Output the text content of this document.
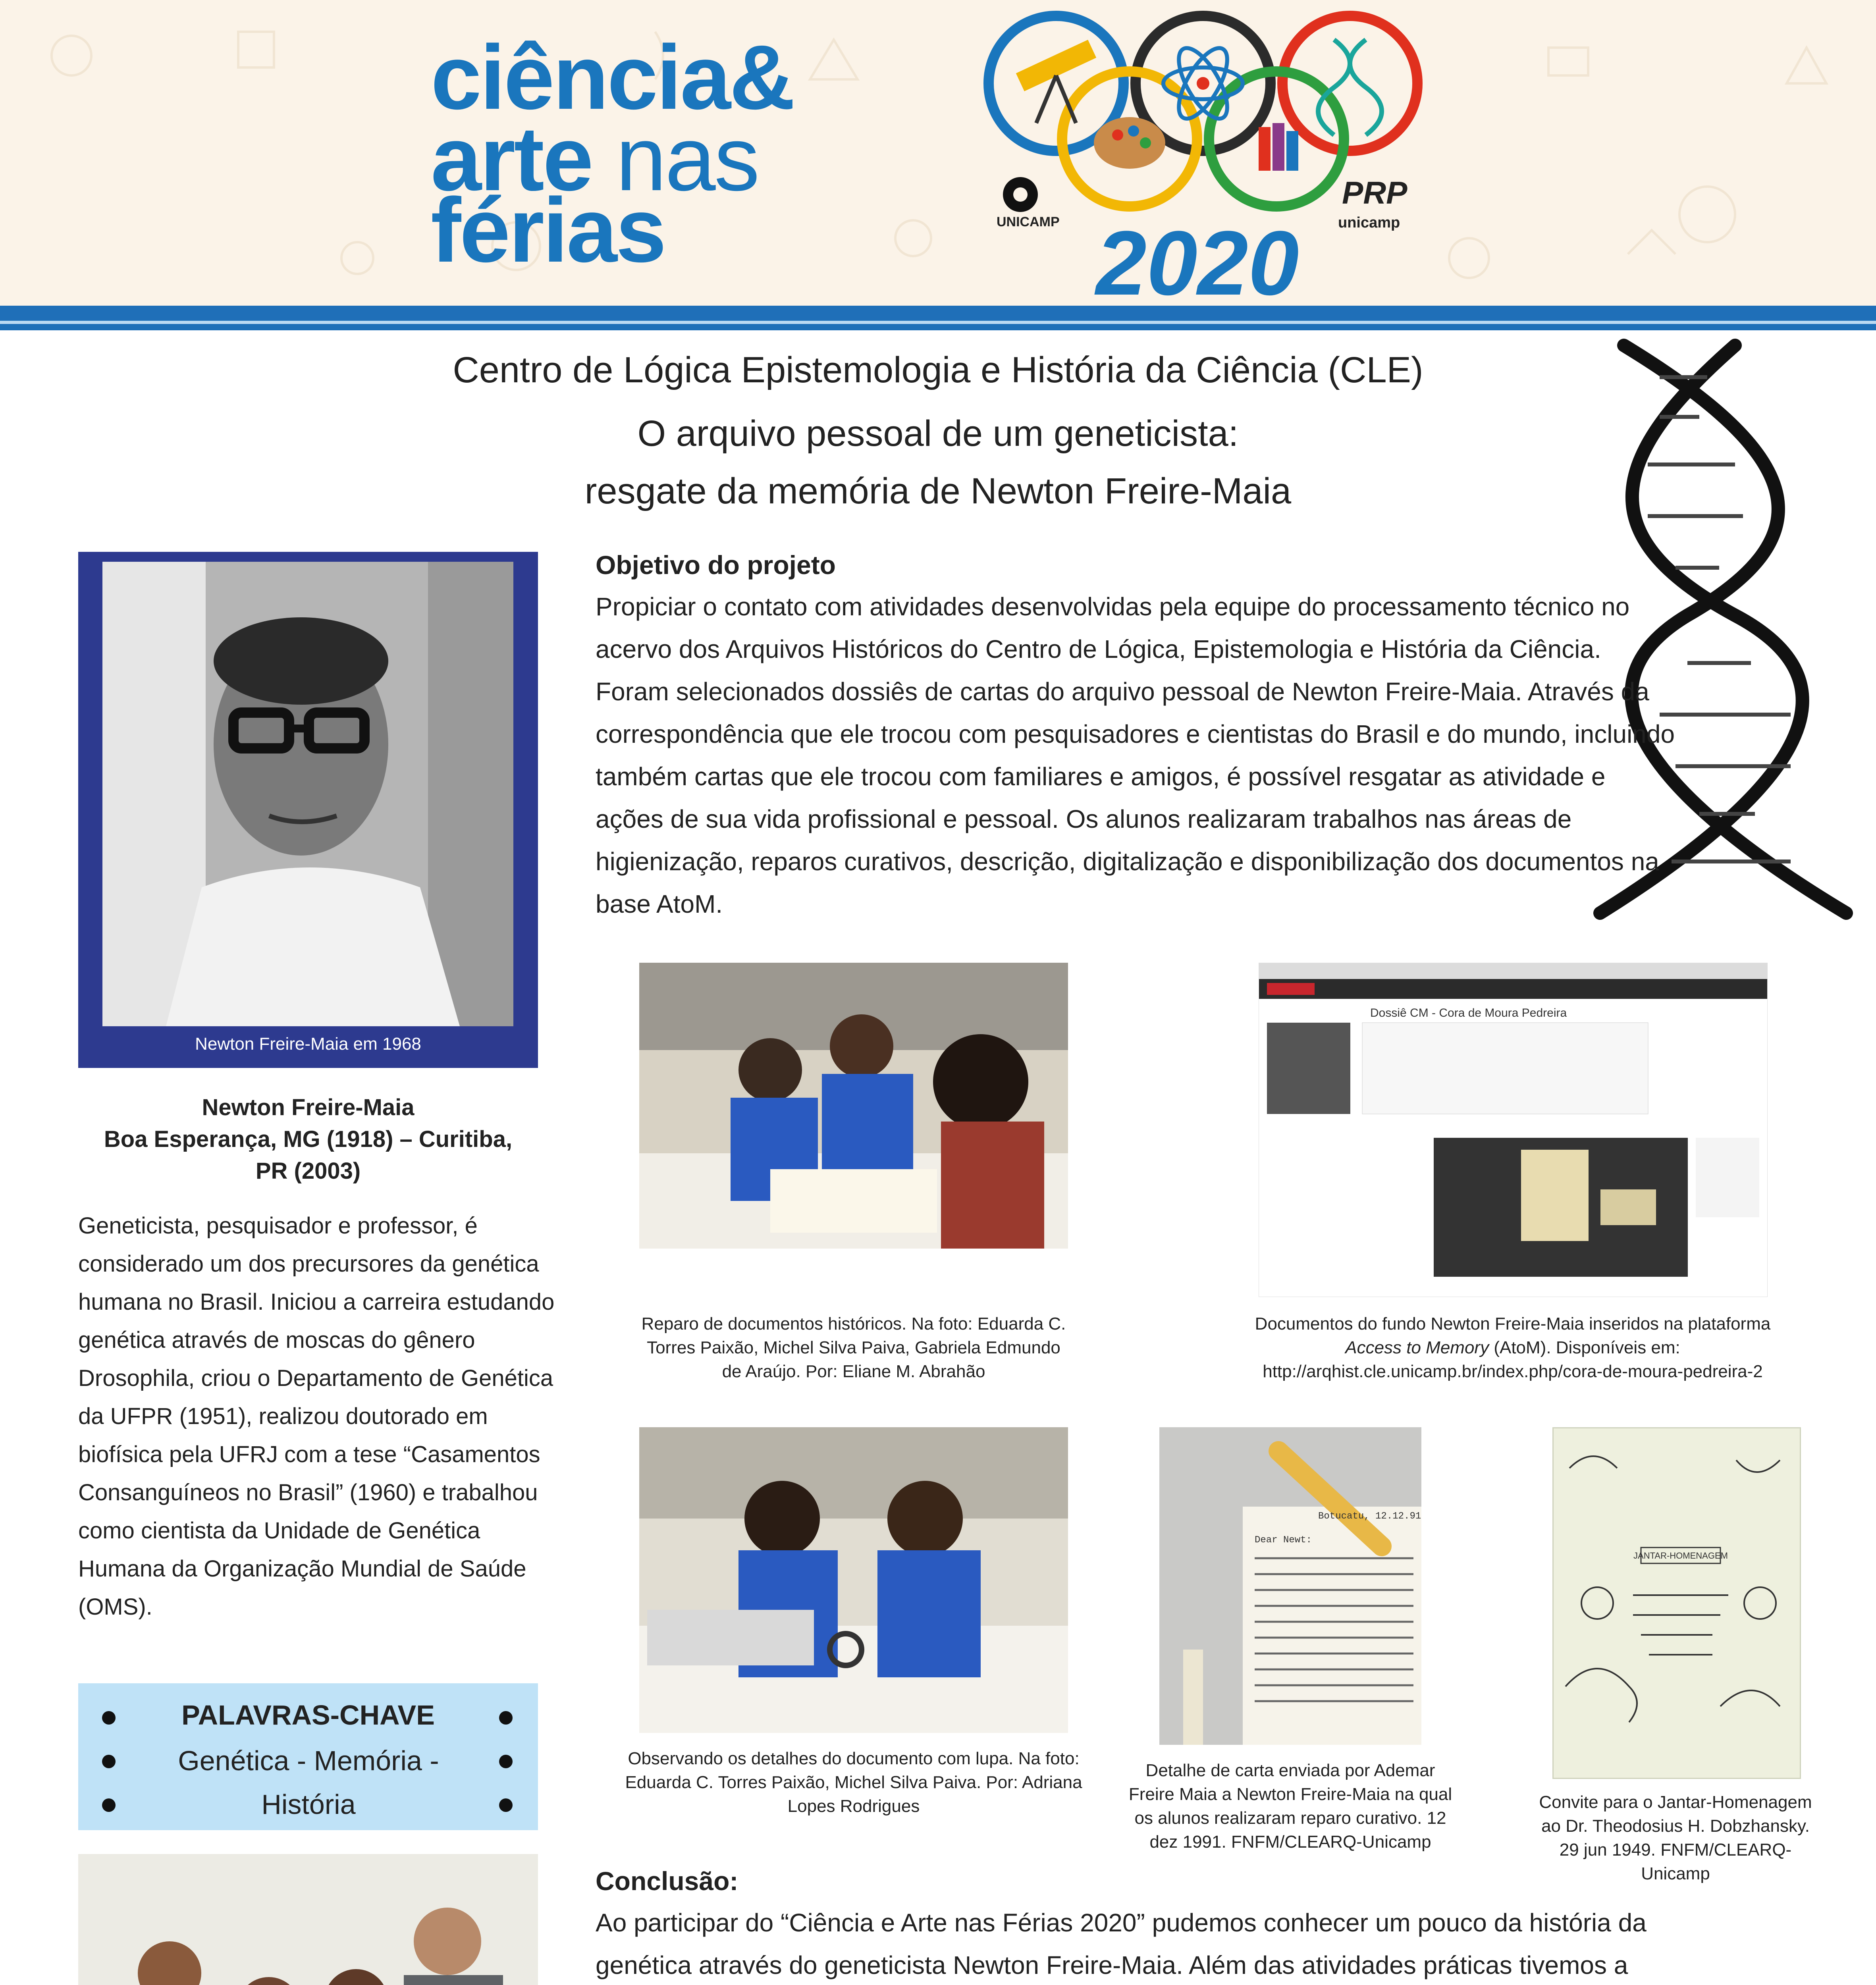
ciência&
arte nas
férias	UNICAMP
PRP
unicamp
2020
Centro de Lógica Epistemologia e História da Ciência (CLE)
O arquivo pessoal de um geneticista:
resgate da memória de Newton Freire-Maia
Newton Freire-Maia em 1968
Newton Freire-Maia
Boa Esperança, MG (1918) – Curitiba,
PR (2003)
Geneticista, pesquisador e professor, é considerado um dos precursores da genética humana no Brasil. Iniciou a carreira estudando genética através de moscas do gênero Drosophila, criou o Departamento de Genética da UFPR (1951), realizou doutorado em biofísica pela UFRJ com a tese “Casamentos Consanguíneos no Brasil” (1960) e trabalhou como cientista da Unidade de Genética Humana da Organização Mundial de Saúde (OMS).
PALAVRAS-CHAVE
Genética - Memória - História
Objetivo do projeto
Propiciar o contato com atividades desenvolvidas pela equipe do processamento técnico no acervo dos Arquivos Históricos do Centro de Lógica, Epistemologia e História da Ciência. Foram selecionados dossiês de cartas do arquivo pessoal de Newton Freire-Maia. Através da correspondência que ele trocou com pesquisadores e cientistas do Brasil e do mundo, incluindo também cartas que ele trocou com familiares e amigos, é possível resgatar as atividade e ações de sua vida profissional e pessoal. Os alunos realizaram trabalhos nas áreas de higienização, reparos curativos, descrição, digitalização e disponibilização dos documentos na base AtoM.
Reparo de documentos históricos. Na foto: Eduarda C. Torres Paixão, Michel Silva Paiva, Gabriela Edmundo de Araújo. Por: Eliane M. Abrahão
Dossiê CM - Cora de Moura Pedreira
Documentos do fundo Newton Freire-Maia inseridos na plataforma Access to Memory (AtoM). Disponíveis em: http://arqhist.cle.unicamp.br/index.php/cora-de-moura-pedreira-2
Observando os detalhes do documento com lupa. Na foto: Eduarda C. Torres Paixão, Michel Silva Paiva. Por: Adriana Lopes Rodrigues
Botucatu, 12.12.91
Dear Newt:
Detalhe de carta enviada por Ademar Freire Maia a Newton Freire-Maia na qual os alunos realizaram reparo curativo. 12 dez 1991. FNFM/CLEARQ-Unicamp
JANTAR-HOMENAGEM
Convite para o Jantar-Homenagem ao Dr. Theodosius H. Dobzhansky. 29 jun 1949. FNFM/CLEARQ-Unicamp
Conclusão:
Ao participar do “Ciência e Arte nas Férias 2020” pudemos conhecer um pouco da história da genética através do geneticista Newton Freire-Maia. Além das atividades práticas tivemos a
